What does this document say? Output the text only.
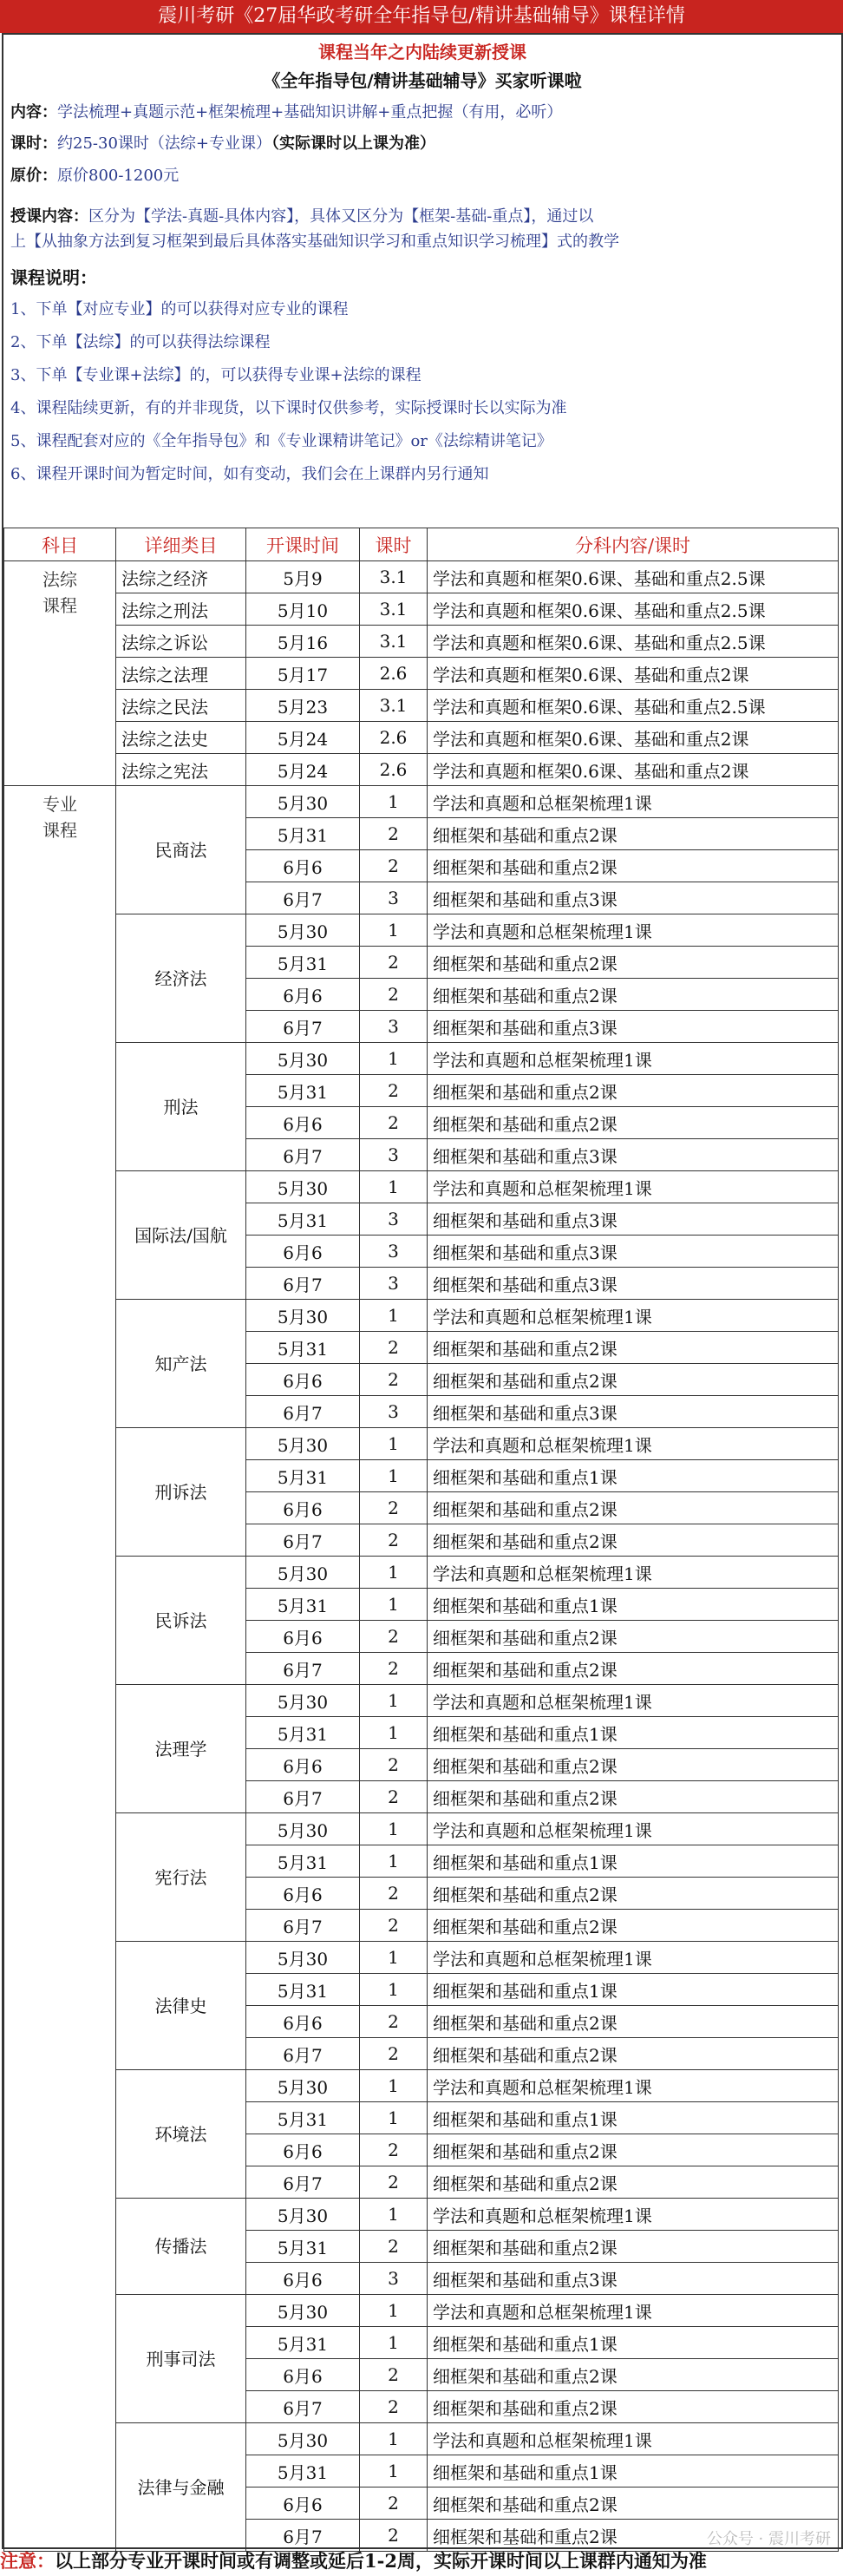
震川考研《27届华政考研全年指导包/精讲基础辅导》课程详情
课程当年之内陆续更新授课
《全年指导包/精讲基础辅导》买家听课啦
内容：学法梳理+真题示范+框架梳理+基础知识讲解+重点把握（有用，必听）
课时：约25-30课时（法综+专业课）（实际课时以上课为准）
原价：原价800-1200元
授课内容：区分为【学法-真题-具体内容】，具体又区分为【框架-基础-重点】，通过以
上【从抽象方法到复习框架到最后具体落实基础知识学习和重点知识学习梳理】式的教学
课程说明：
1、下单【对应专业】的可以获得对应专业的课程
2、下单【法综】的可以获得法综课程
3、下单【专业课+法综】的，可以获得专业课+法综的课程
4、课程陆续更新，有的并非现货，以下课时仅供参考，实际授课时长以实际为准
5、课程配套对应的《全年指导包》和《专业课精讲笔记》or《法综精讲笔记》
6、课程开课时间为暂定时间，如有变动，我们会在上课群内另行通知
科目	详细类目	开课时间	课时	分科内容/课时
法综课程	法综之经济	5月9	3.1	学法和真题和框架0.6课、基础和重点2.5课
	法综之刑法	5月10	3.1	学法和真题和框架0.6课、基础和重点2.5课
	法综之诉讼	5月16	3.1	学法和真题和框架0.6课、基础和重点2.5课
	法综之法理	5月17	2.6	学法和真题和框架0.6课、基础和重点2课
	法综之民法	5月23	3.1	学法和真题和框架0.6课、基础和重点2.5课
	法综之法史	5月24	2.6	学法和真题和框架0.6课、基础和重点2课
	法综之宪法	5月24	2.6	学法和真题和框架0.6课、基础和重点2课
专业课程	民商法	5月30	1	学法和真题和总框架梳理1课
		5月31	2	细框架和基础和重点2课
		6月6	2	细框架和基础和重点2课
		6月7	3	细框架和基础和重点3课
	经济法	5月30	1	学法和真题和总框架梳理1课
		5月31	2	细框架和基础和重点2课
		6月6	2	细框架和基础和重点2课
		6月7	3	细框架和基础和重点3课
	刑法	5月30	1	学法和真题和总框架梳理1课
		5月31	2	细框架和基础和重点2课
		6月6	2	细框架和基础和重点2课
		6月7	3	细框架和基础和重点3课
	国际法/国航	5月30	1	学法和真题和总框架梳理1课
		5月31	3	细框架和基础和重点3课
		6月6	3	细框架和基础和重点3课
		6月7	3	细框架和基础和重点3课
	知产法	5月30	1	学法和真题和总框架梳理1课
		5月31	2	细框架和基础和重点2课
		6月6	2	细框架和基础和重点2课
		6月7	3	细框架和基础和重点3课
	刑诉法	5月30	1	学法和真题和总框架梳理1课
		5月31	1	细框架和基础和重点1课
		6月6	2	细框架和基础和重点2课
		6月7	2	细框架和基础和重点2课
	民诉法	5月30	1	学法和真题和总框架梳理1课
		5月31	1	细框架和基础和重点1课
		6月6	2	细框架和基础和重点2课
		6月7	2	细框架和基础和重点2课
	法理学	5月30	1	学法和真题和总框架梳理1课
		5月31	1	细框架和基础和重点1课
		6月6	2	细框架和基础和重点2课
		6月7	2	细框架和基础和重点2课
	宪行法	5月30	1	学法和真题和总框架梳理1课
		5月31	1	细框架和基础和重点1课
		6月6	2	细框架和基础和重点2课
		6月7	2	细框架和基础和重点2课
	法律史	5月30	1	学法和真题和总框架梳理1课
		5月31	1	细框架和基础和重点1课
		6月6	2	细框架和基础和重点2课
		6月7	2	细框架和基础和重点2课
	环境法	5月30	1	学法和真题和总框架梳理1课
		5月31	1	细框架和基础和重点1课
		6月6	2	细框架和基础和重点2课
		6月7	2	细框架和基础和重点2课
	传播法	5月30	1	学法和真题和总框架梳理1课
		5月31	2	细框架和基础和重点2课
		6月6	3	细框架和基础和重点3课
	刑事司法	5月30	1	学法和真题和总框架梳理1课
		5月31	1	细框架和基础和重点1课
		6月6	2	细框架和基础和重点2课
		6月7	2	细框架和基础和重点2课
	法律与金融	5月30	1	学法和真题和总框架梳理1课
		5月31	1	细框架和基础和重点1课
		6月6	2	细框架和基础和重点2课
		6月7	2	细框架和基础和重点2课	公众号 · 震川考研
注意：以上部分专业开课时间或有调整或延后1-2周，实际开课时间以上课群内通知为准
